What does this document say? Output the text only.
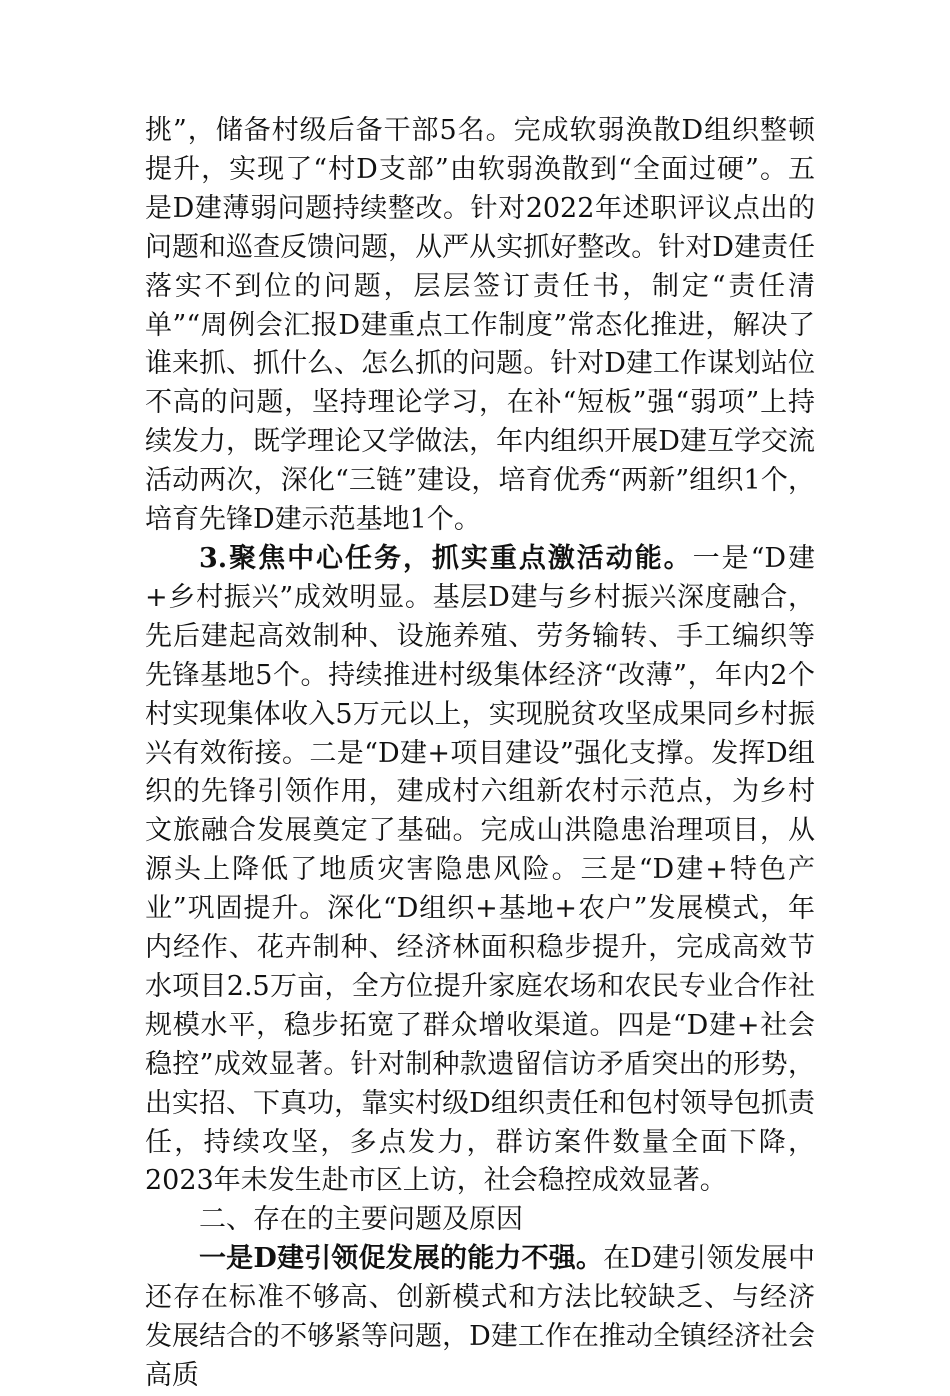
挑”，储备村级后备干部5名。完成软弱涣散D组织整顿提升，实现了“村D支部”由软弱涣散到“全面过硬”。五是D建薄弱问题持续整改。针对2022年述职评议点出的问题和巡查反馈问题，从严从实抓好整改。针对D建责任落实不到位的问题，层层签订责任书，制定“责任清单”“周例会汇报D建重点工作制度”常态化推进，解决了谁来抓、抓什么、怎么抓的问题。针对D建工作谋划站位不高的问题，坚持理论学习，在补“短板”强“弱项”上持续发力，既学理论又学做法，年内组织开展D建互学交流活动两次，深化“三链”建设，培育优秀“两新”组织1个，培育先锋D建示范基地1个。

3.聚焦中心任务，抓实重点激活动能。一是“D建+乡村振兴”成效明显。基层D建与乡村振兴深度融合，先后建起高效制种、设施养殖、劳务输转、手工编织等先锋基地5个。持续推进村级集体经济“改薄”，年内2个村实现集体收入5万元以上，实现脱贫攻坚成果同乡村振兴有效衔接。二是“D建+项目建设”强化支撑。发挥D组织的先锋引领作用，建成村六组新农村示范点，为乡村文旅融合发展奠定了基础。完成山洪隐患治理项目，从源头上降低了地质灾害隐患风险。三是“D建+特色产业”巩固提升。深化“D组织+基地+农户”发展模式，年内经作、花卉制种、经济林面积稳步提升，完成高效节水项目2.5万亩，全方位提升家庭农场和农民专业合作社规模水平，稳步拓宽了群众增收渠道。四是“D建+社会稳控”成效显著。针对制种款遗留信访矛盾突出的形势，出实招、下真功，靠实村级D组织责任和包村领导包抓责任，持续攻坚，多点发力，群访案件数量全面下降，2023年未发生赴市区上访，社会稳控成效显著。

二、存在的主要问题及原因

一是D建引领促发展的能力不强。在D建引领发展中还存在标准不够高、创新模式和方法比较缺乏、与经济发展结合的不够紧等问题，D建工作在推动全镇经济社会高质
